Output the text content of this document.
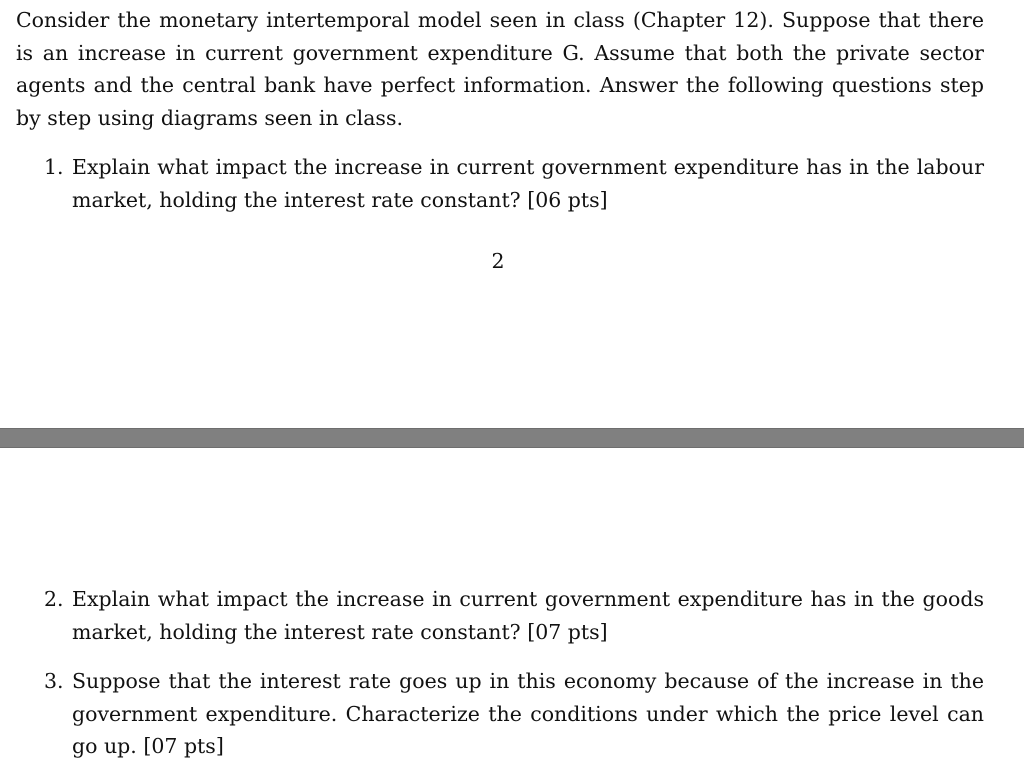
Consider the monetary intertemporal model seen in class (Chapter 12). Suppose that there is an increase in current government expenditure G. Assume that both the private sector agents and the central bank have perfect information. Answer the following questions step by step using diagrams seen in class.

1. Explain what impact the increase in current government expenditure has in the labour market, holding the interest rate constant? [06 pts]
2
2. Explain what impact the increase in current government expenditure has in the goods market, holding the interest rate constant? [07 pts]
3. Suppose that the interest rate goes up in this economy because of the increase in the government expenditure. Characterize the conditions under which the price level can go up. [07 pts]
